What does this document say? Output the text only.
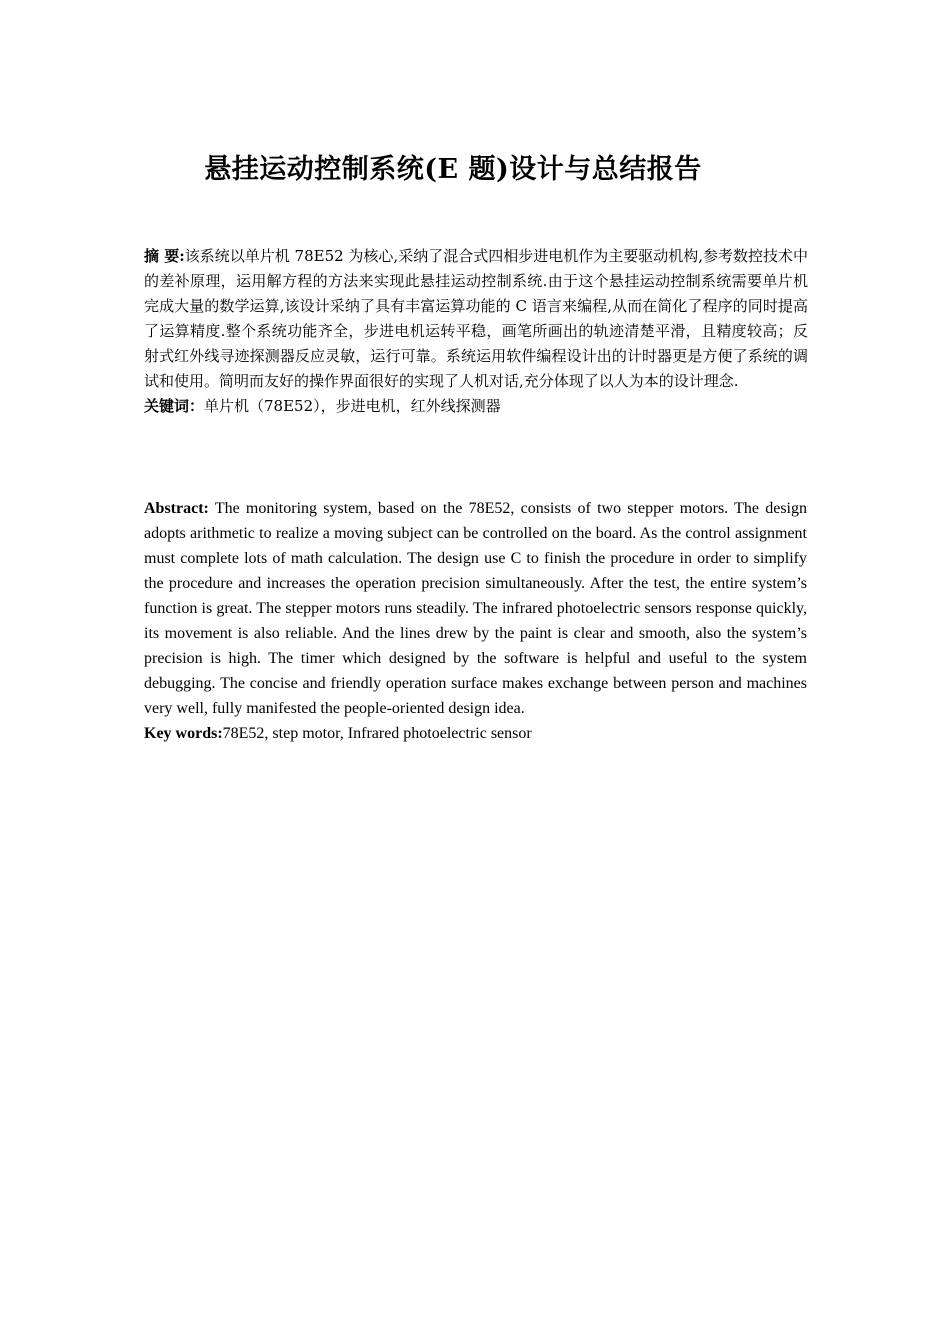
悬挂运动控制系统(E 题)设计与总结报告

摘 要:该系统以单片机 78E52 为核心,采纳了混合式四相步进电机作为主要驱动机构,参考数控技术中的差补原理，运用解方程的方法来实现此悬挂运动控制系统.由于这个悬挂运动控制系统需要单片机完成大量的数学运算,该设计采纳了具有丰富运算功能的 C 语言来编程,从而在简化了程序的同时提高了运算精度.整个系统功能齐全，步进电机运转平稳，画笔所画出的轨迹清楚平滑，且精度较高；反射式红外线寻迹探测器反应灵敏，运行可靠。系统运用软件编程设计出的计时器更是方便了系统的调试和使用。简明而友好的操作界面很好的实现了人机对话,充分体现了以人为本的设计理念.

关键词：单片机（78E52），步进电机，红外线探测器

Abstract: The monitoring system, based on the 78E52, consists of two stepper motors. The design adopts arithmetic to realize a moving subject can be controlled on the board. As the control assignment must complete lots of math calculation. The design use C to finish the procedure in order to simplify the procedure and increases the operation precision simultaneously. After the test, the entire system’s function is great. The stepper motors runs steadily. The infrared photoelectric sensors response quickly, its movement is also reliable. And the lines drew by the paint is clear and smooth, also the system’s precision is high. The timer which designed by the software is helpful and useful to the system debugging. The concise and friendly operation surface makes exchange between person and machines very well, fully manifested the people-oriented design idea.

Key words:78E52, step motor, Infrared photoelectric sensor
